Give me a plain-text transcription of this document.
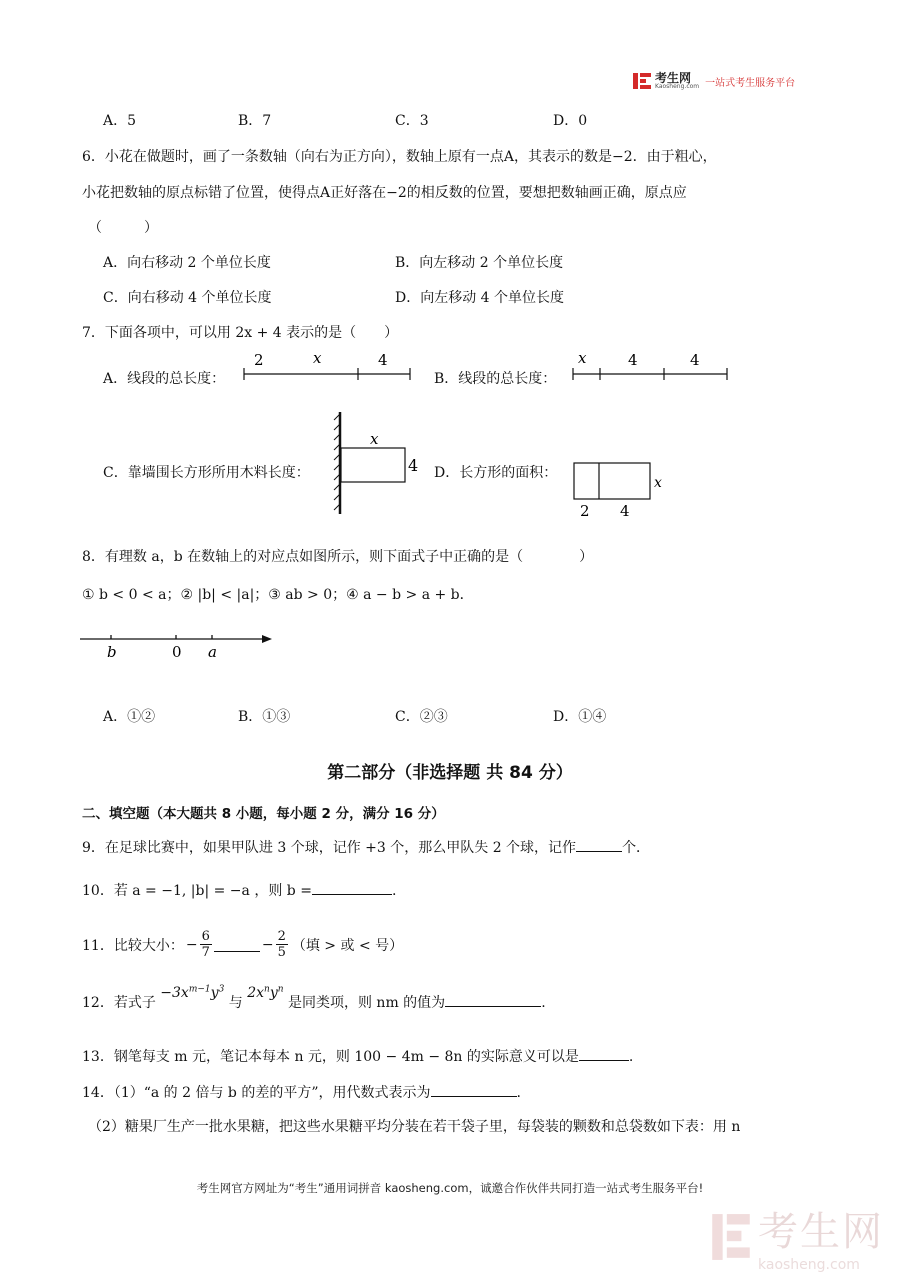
考生网
Kaosheng.com 一站式考生服务平台
A．5	B．7	C．3	D．0
6．小花在做题时，画了一条数轴（向右为正方向），数轴上原有一点A，其表示的数是−2．由于粗心，
小花把数轴的原点标错了位置，使得点A正好落在−2的相反数的位置，要想把数轴画正确，原点应
（　　　）
A．向右移动 2 个单位长度	B．向左移动 2 个单位长度
C．向右移动 4 个单位长度	D．向左移动 4 个单位长度
7．下面各项中，可以用 2x + 4 表示的是（　　）
A．线段的总长度：
2	x	4
B．线段的总长度：
x	4	4
C．靠墙围长方形所用木料长度：
x
4 D．长方形的面积：
2 4
x
8．有理数 a，b 在数轴上的对应点如图所示，则下面式子中正确的是（　　　　）
① b < 0 < a；② |b| < |a|；③ ab > 0；④ a − b > a + b．
b	0 a
A．①②	B．①③	C．②③	D．①④
第二部分（非选择题 共 84 分）
二、填空题（本大题共 8 小题，每小题 2 分，满分 16 分）
9．在足球比赛中，如果甲队进 3 个球，记作 +3 个，那么甲队失 2 个球，记作	个．
10．若 a = −1, |b| = −a ，则 b =	.
11．比较大小： − $\frac{6}{7}$	− $\frac{2}{5}$ （填 > 或 < 号）
12．若式子 $-3x^{m-1}y^3$ 与 $2x^ny^n$ 是同类项，则 nm 的值为	.
13．钢笔每支 m 元，笔记本每本 n 元，则 100 − 4m − 8n 的实际意义可以是	.
14．（1）“a 的 2 倍与 b 的差的平方”，用代数式表示为	.
（2）糖果厂生产一批水果糖，把这些水果糖平均分装在若干袋子里，每袋装的颗数和总袋数如下表：用 n
考生网官方网址为“考生”通用词拼音 kaosheng.com，诚邀合作伙伴共同打造一站式考生服务平台!
考生网
kaosheng.com
